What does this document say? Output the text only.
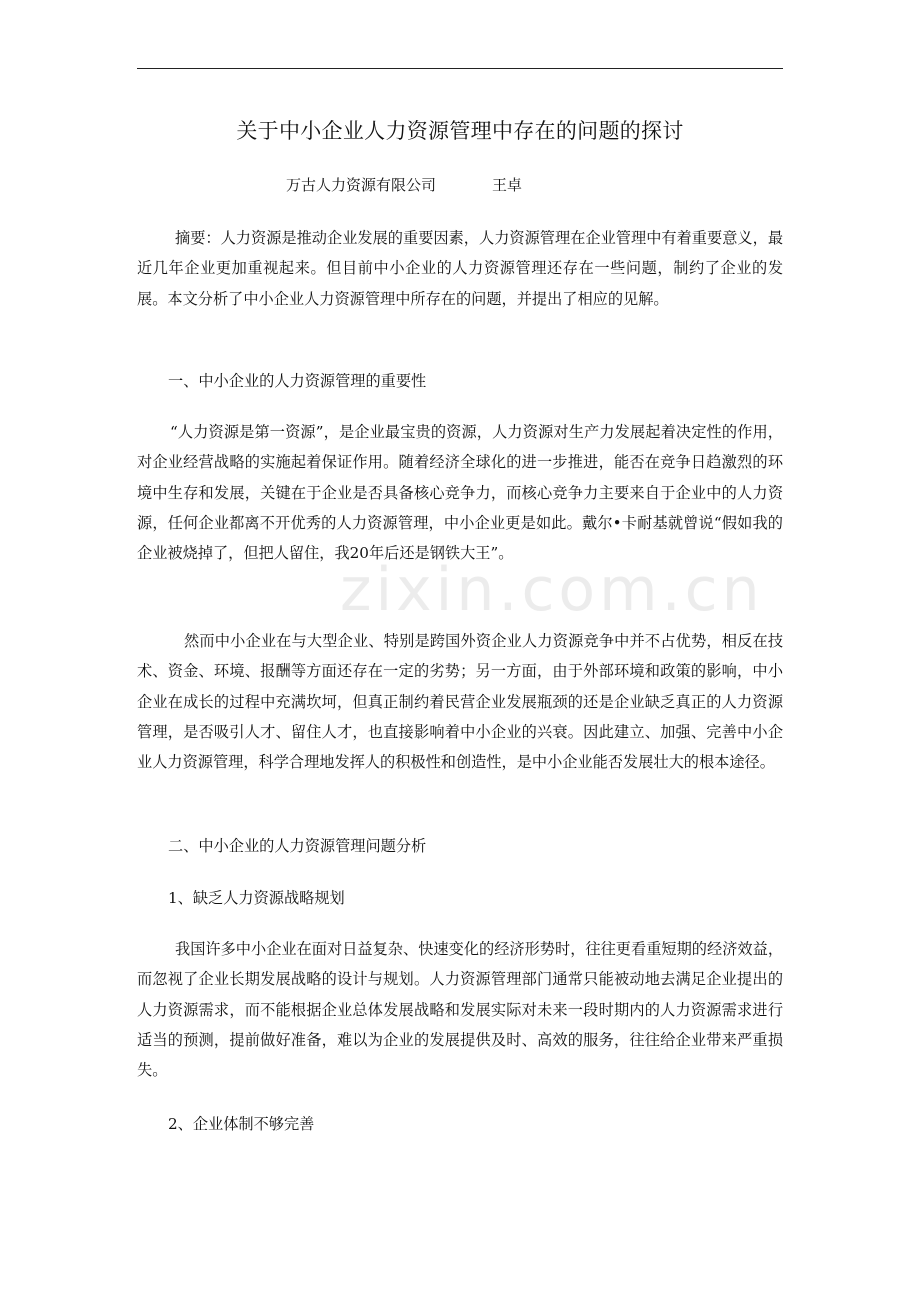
zixin.com.cn
关于中小企业人力资源管理中存在的问题的探讨
万古人力资源有限公司	王卓

摘要：人力资源是推动企业发展的重要因素，人力资源管理在企业管理中有着重要意义，最近几年企业更加重视起来。但目前中小企业的人力资源管理还存在一些问题，制约了企业的发展。本文分析了中小企业人力资源管理中所存在的问题，并提出了相应的见解。

一、中小企业的人力资源管理的重要性

“人力资源是第一资源”，是企业最宝贵的资源，人力资源对生产力发展起着决定性的作用，对企业经营战略的实施起着保证作用。随着经济全球化的进一步推进，能否在竞争日趋激烈的环境中生存和发展，关键在于企业是否具备核心竞争力，而核心竞争力主要来自于企业中的人力资源，任何企业都离不开优秀的人力资源管理，中小企业更是如此。戴尔•卡耐基就曾说“假如我的企业被烧掉了，但把人留住，我20年后还是钢铁大王”。

然而中小企业在与大型企业、特别是跨国外资企业人力资源竞争中并不占优势，相反在技术、资金、环境、报酬等方面还存在一定的劣势；另一方面，由于外部环境和政策的影响，中小企业在成长的过程中充满坎坷，但真正制约着民营企业发展瓶颈的还是企业缺乏真正的人力资源管理，是否吸引人才、留住人才，也直接影响着中小企业的兴衰。因此建立、加强、完善中小企业人力资源管理，科学合理地发挥人的积极性和创造性，是中小企业能否发展壮大的根本途径。

二、中小企业的人力资源管理问题分析

1、缺乏人力资源战略规划

我国许多中小企业在面对日益复杂、快速变化的经济形势时，往往更看重短期的经济效益，而忽视了企业长期发展战略的设计与规划。人力资源管理部门通常只能被动地去满足企业提出的人力资源需求，而不能根据企业总体发展战略和发展实际对未来一段时期内的人力资源需求进行适当的预测，提前做好准备，难以为企业的发展提供及时、高效的服务，往往给企业带来严重损失。

2、企业体制不够完善
